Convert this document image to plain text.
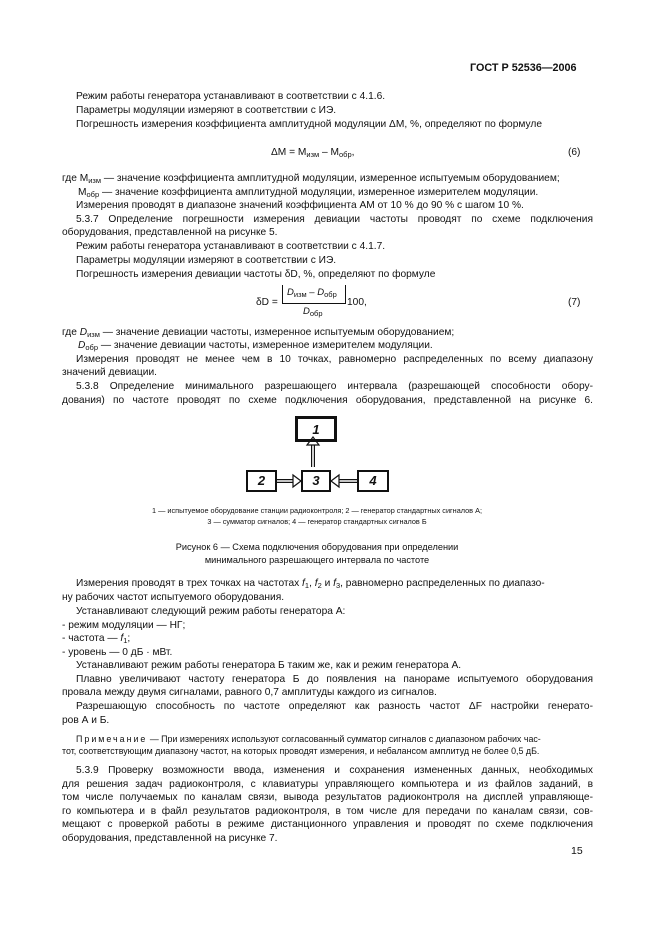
ГОСТ Р 52536—2006
Режим работы генератора устанавливают в соответствии с 4.1.6.
Параметры модуляции измеряют в соответствии с ИЭ.
Погрешность измерения коэффициента амплитудной модуляции ΔM, %, определяют по формуле
$\Delta M = M_{изм} - M_{обр}$,	(6)
где $M_{изм}$ — значение коэффициента амплитудной модуляции, измеренное испытуемым оборудованием;
$M_{обр}$ — значение коэффициента амплитудной модуляции, измеренное измерителем модуляции.
Измерения проводят в диапазоне значений коэффициента АМ от 10 % до 90 % с шагом 10 %.
5.3.7 Определение погрешности измерения девиации частоты проводят по схеме подключения
оборудования, представленной на рисунке 5.
Режим работы генератора устанавливают в соответствии с 4.1.7.
Параметры модуляции измеряют в соответствии с ИЭ.
Погрешность измерения девиации частоты δD, %, определяют по формуле
δD =
$D_{изм} - D_{обр}$
$D_{обр}$
100,	(7)
где $D_{изм}$ — значение девиации частоты, измеренное испытуемым оборудованием;
$D_{обр}$ — значение девиации частоты, измеренное измерителем модуляции.
Измерения проводят не менее чем в 10 точках, равномерно распределенных по всему диапазону
значений девиации.
5.3.8 Определение минимального разрешающего интервала (разрешающей способности обору-
дования) по частоте проводят по схеме подключения оборудования, представленной на рисунке 6.
1
2	3	4
1 — испытуемое оборудование станции радиоконтроля; 2 — генератор стандартных сигналов А;
3 — сумматор сигналов; 4 — генератор стандартных сигналов Б
Рисунок 6 — Схема подключения оборудования при определении
минимального разрешающего интервала по частоте
Измерения проводят в трех точках на частотах $f_1$, $f_2$ и $f_3$, равномерно распределенных по диапазо-
ну рабочих частот испытуемого оборудования.
Устанавливают следующий режим работы генератора А:
- режим модуляции — НГ;
- частота — $f_1$;
- уровень — 0 дБ · мВт.
Устанавливают режим работы генератора Б таким же, как и режим генератора А.
Плавно увеличивают частоту генератора Б до появления на панораме испытуемого оборудования
провала между двумя сигналами, равного 0,7 амплитуды каждого из сигналов.
Разрешающую способность по частоте определяют как разность частот ΔF настройки генерато-
ров А и Б.
Примечание — При измерениях используют согласованный сумматор сигналов с диапазоном рабочих час-
тот, соответствующим диапазону частот, на которых проводят измерения, и небалансом амплитуд не более 0,5 дБ.
5.3.9 Проверку возможности ввода, изменения и сохранения измененных данных, необходимых
для решения задач радиоконтроля, с клавиатуры управляющего компьютера и из файлов заданий, в
том числе получаемых по каналам связи, вывода результатов радиоконтроля на дисплей управляюще-
го компьютера и в файл результатов радиоконтроля, в том числе для передачи по каналам связи, сов-
мещают с проверкой работы в режиме дистанционного управления и проводят по схеме подключения
оборудования, представленной на рисунке 7.
15
